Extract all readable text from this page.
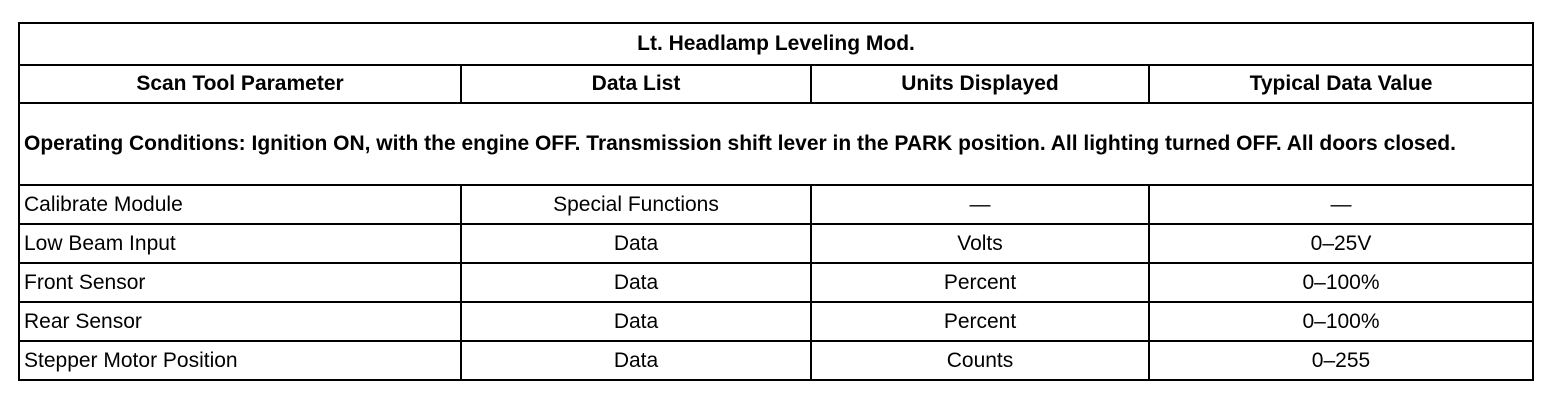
Lt. Headlamp Leveling Mod.			
Scan Tool Parameter	Data List	Units Displayed	Typical Data Value
Operating Conditions: Ignition ON, with the engine OFF. Transmission shift lever in the PARK position. All lighting turned OFF. All doors closed.			
Calibrate Module	Special Functions	—	—
Low Beam Input	Data	Volts	0–25V
Front Sensor	Data	Percent	0–100%
Rear Sensor	Data	Percent	0–100%
Stepper Motor Position	Data	Counts	0–255
